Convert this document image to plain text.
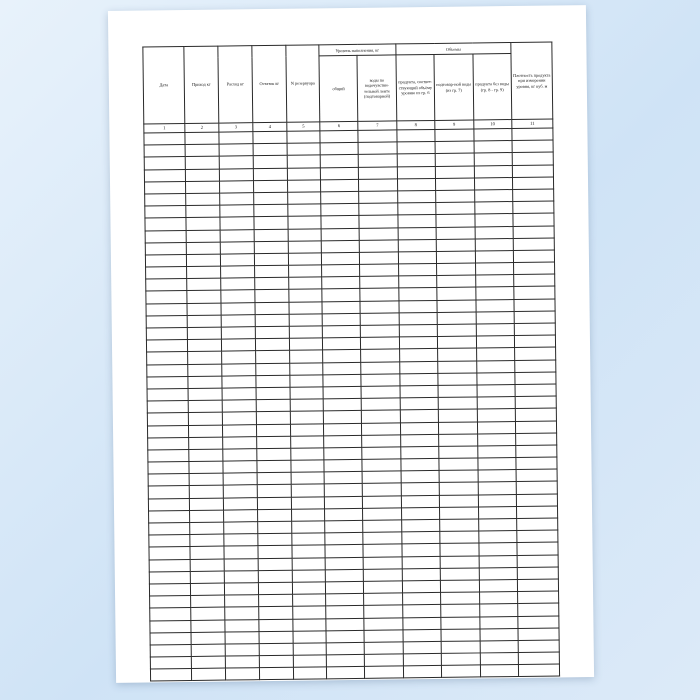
Дата	Приход кг	Расход кг	Остаток кг	N резервуара	Уровень наполнения, кг		Объемы			Плотность продукта при измерении уровня, кг куб. м
					общий	воды по водочувстви-тельной ленте (подтоварной)	продукта, соответ-ствующий объёму уровню из гр. 6	подтовар-ной воды (из гр. 7)	продукта без воды (гр. 8 - гр. 9)	
1	2	3	4	5	6	7	8	9	10	11
